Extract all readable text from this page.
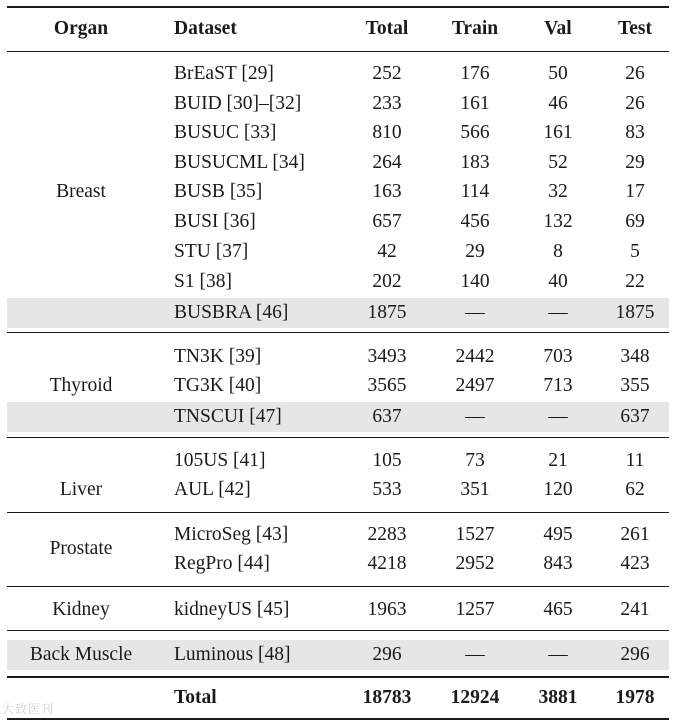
Organ	Dataset	Total	Train	Val	Test
Breast
BrEaST [29]	252	176	50	26
BUID [30]–[32]	233	161	46	26
BUSUC [33]	810	566	161	83
BUSUCML [34]	264	183	52	29
BUSB [35]	163	114	32	17
BUSI [36]	657	456	132	69
STU [37]	42	29	8	5
S1 [38]	202	140	40	22
BUSBRA [46]	1875	—	—	1875
Thyroid
TN3K [39]	3493	2442	703	348
TG3K [40]	3565	2497	713	355
TNSCUI [47]	637	—	—	637
Liver
105US [41]	105	73	21	11
AUL [42]	533	351	120	62
Prostate
MicroSeg [43]	2283	1527	495	261
RegPro [44]	4218	2952	843	423
Kidney	kidneyUS [45]	1963	1257	465	241
Back Muscle	Luminous [48]	296	—	—	296
Total	18783	12924	3881	1978
大致医刊
